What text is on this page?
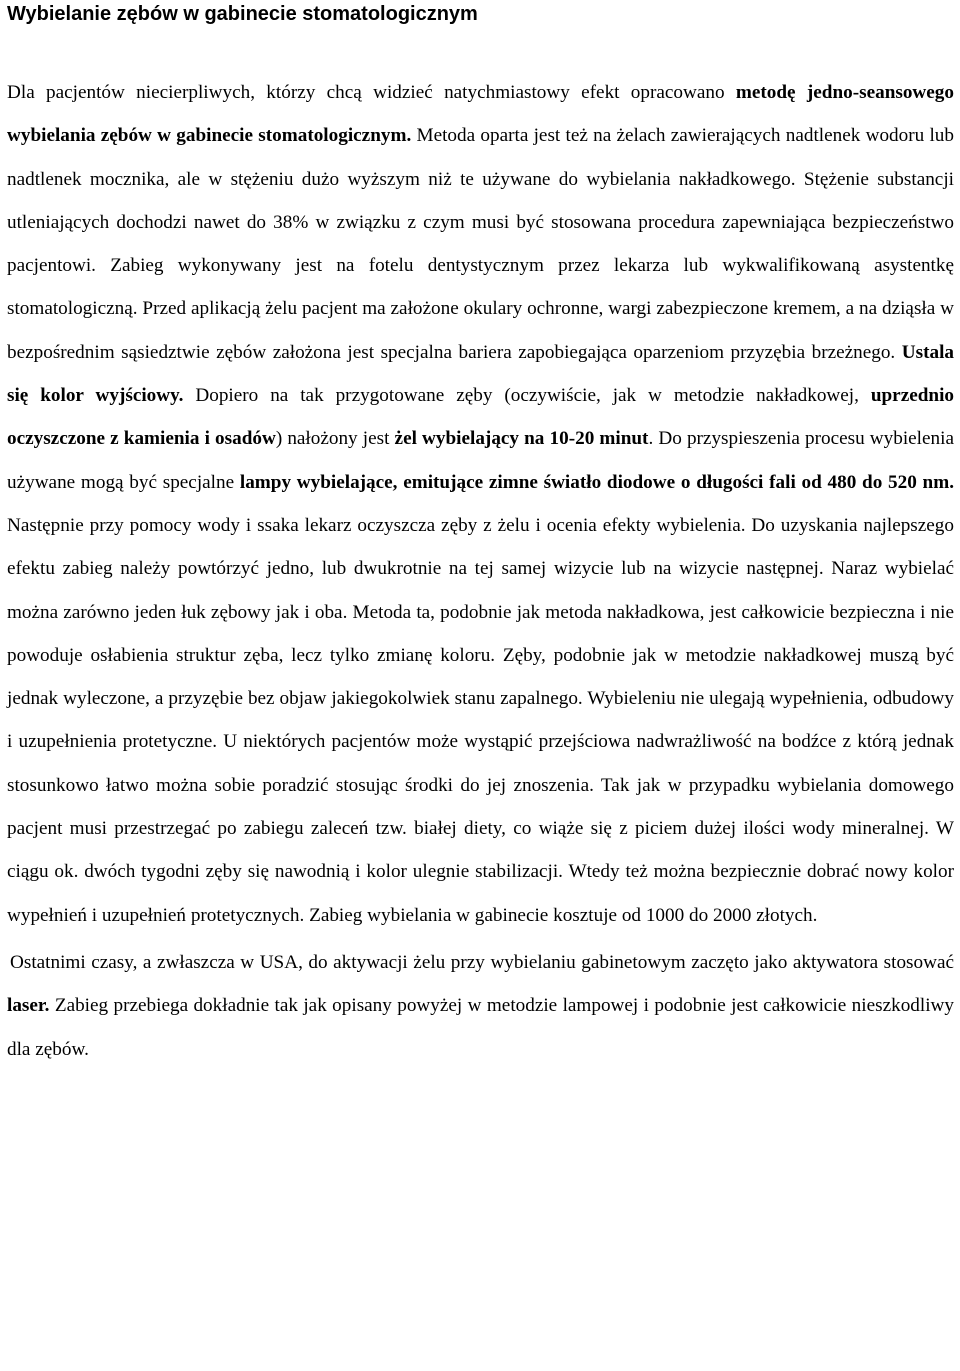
Wybielanie zębów w gabinecie stomatologicznym

Dla pacjentów niecierpliwych, którzy chcą widzieć natychmiastowy efekt opracowano metodę jedno-seansowego wybielania zębów w gabinecie stomatologicznym. Metoda oparta jest też na żelach zawierających nadtlenek wodoru lub nadtlenek mocznika, ale w stężeniu dużo wyższym niż te używane do wybielania nakładkowego. Stężenie substancji utleniających dochodzi nawet do 38% w związku z czym musi być stosowana procedura zapewniająca bezpieczeństwo pacjentowi. Zabieg wykonywany jest na fotelu dentystycznym przez lekarza lub wykwalifikowaną asystentkę stomatologiczną. Przed aplikacją żelu pacjent ma założone okulary ochronne, wargi zabezpieczone kremem, a na dziąsła w bezpośrednim sąsiedztwie zębów założona jest specjalna bariera zapobiegająca oparzeniom przyzębia brzeżnego. Ustala się kolor wyjściowy. Dopiero na tak przygotowane zęby (oczywiście, jak w metodzie nakładkowej, uprzednio oczyszczone z kamienia i osadów) nałożony jest żel wybielający na 10-20 minut. Do przyspieszenia procesu wybielenia używane mogą być specjalne lampy wybielające, emitujące zimne światło diodowe o długości fali od 480 do 520 nm. Następnie przy pomocy wody i ssaka lekarz oczyszcza zęby z żelu i ocenia efekty wybielenia. Do uzyskania najlepszego efektu zabieg należy powtórzyć jedno, lub dwukrotnie na tej samej wizycie lub na wizycie następnej. Naraz wybielać można zarówno jeden łuk zębowy jak i oba. Metoda ta, podobnie jak metoda nakładkowa, jest całkowicie bezpieczna i nie powoduje osłabienia struktur zęba, lecz tylko zmianę koloru. Zęby, podobnie jak w metodzie nakładkowej muszą być jednak wyleczone, a przyzębie bez objaw jakiegokolwiek stanu zapalnego. Wybieleniu nie ulegają wypełnienia, odbudowy i uzupełnienia protetyczne. U niektórych pacjentów może wystąpić przejściowa nadwrażliwość na bodźce z którą jednak stosunkowo łatwo można sobie poradzić stosując środki do jej znoszenia. Tak jak w przypadku wybielania domowego pacjent musi przestrzegać po zabiegu zaleceń tzw. białej diety, co wiąże się z piciem dużej ilości wody mineralnej. W ciągu ok. dwóch tygodni zęby się nawodnią i kolor ulegnie stabilizacji. Wtedy też można bezpiecznie dobrać nowy kolor wypełnień i uzupełnień protetycznych. Zabieg wybielania w gabinecie kosztuje od 1000 do 2000 złotych.

Ostatnimi czasy, a zwłaszcza w USA, do aktywacji żelu przy wybielaniu gabinetowym zaczęto jako aktywatora stosować laser. Zabieg przebiega dokładnie tak jak opisany powyżej w metodzie lampowej i podobnie jest całkowicie nieszkodliwy dla zębów.
